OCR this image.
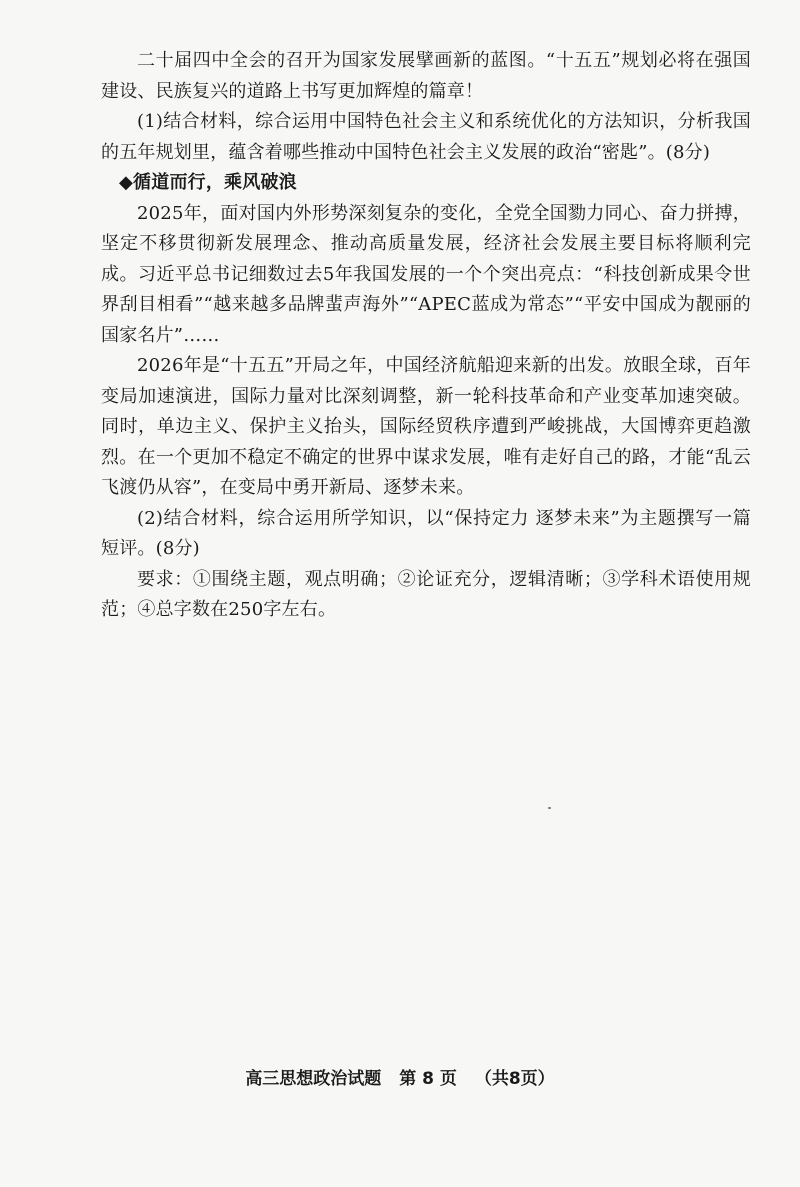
二十届四中全会的召开为国家发展擘画新的蓝图。“十五五”规划必将在强国建设、民族复兴的道路上书写更加辉煌的篇章！

(1)结合材料，综合运用中国特色社会主义和系统优化的方法知识，分析我国的五年规划里，蕴含着哪些推动中国特色社会主义发展的政治“密匙”。(8分)

◆循道而行，乘风破浪

2025年，面对国内外形势深刻复杂的变化，全党全国勠力同心、奋力拼搏，坚定不移贯彻新发展理念、推动高质量发展，经济社会发展主要目标将顺利完成。习近平总书记细数过去5年我国发展的一个个突出亮点：“科技创新成果令世界刮目相看”“越来越多品牌蜚声海外”“APEC蓝成为常态”“平安中国成为靓丽的国家名片”……

2026年是“十五五”开局之年，中国经济航船迎来新的出发。放眼全球，百年变局加速演进，国际力量对比深刻调整，新一轮科技革命和产业变革加速突破。同时，单边主义、保护主义抬头，国际经贸秩序遭到严峻挑战，大国博弈更趋激烈。在一个更加不稳定不确定的世界中谋求发展，唯有走好自己的路，才能“乱云飞渡仍从容”，在变局中勇开新局、逐梦未来。

(2)结合材料，综合运用所学知识，以“保持定力 逐梦未来”为主题撰写一篇短评。(8分)

要求：①围绕主题，观点明确；②论证充分，逻辑清晰；③学科术语使用规范；④总字数在250字左右。

高三思想政治试题 第 8 页 （共8页）
